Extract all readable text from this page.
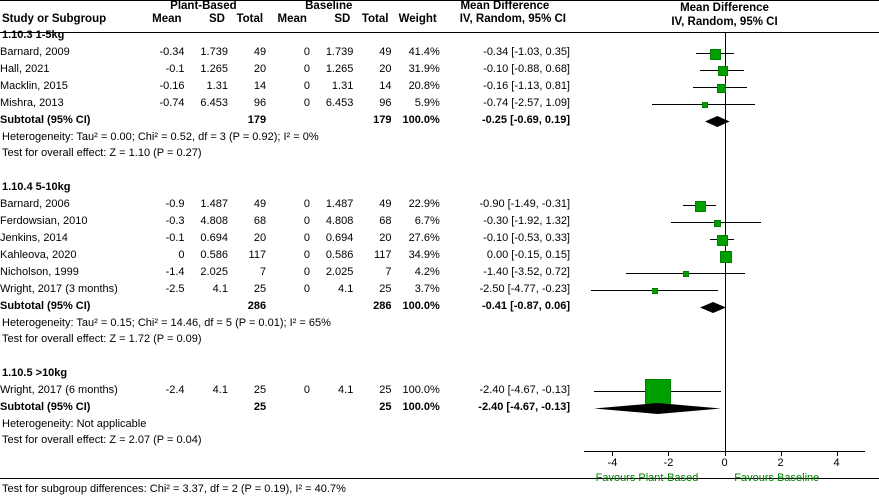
	Plant-Based			Baseline				Mean Difference
Study or Subgroup	Mean	SD	Total	Mean	SD	Total	Weight	IV, Random, 95% CI
1.10.3 1-5kg								
Barnard, 2009	-0.34	1.739	49	0	1.739	49	41.4%	-0.34 [-1.03, 0.35]
Hall, 2021	-0.1	1.265	20	0	1.265	20	31.9%	-0.10 [-0.88, 0.68]
Macklin, 2015	-0.16	1.31	14	0	1.31	14	20.8%	-0.16 [-1.13, 0.81]
Mishra, 2013	-0.74	6.453	96	0	6.453	96	5.9%	-0.74 [-2.57, 1.09]
Subtotal (95% CI)			179			179	100.0%	-0.25 [-0.69, 0.19]
Heterogeneity: Tau² = 0.00; Chi² = 0.52, df = 3 (P = 0.92); I² = 0%								
Test for overall effect: Z = 1.10 (P = 0.27)								

1.10.4 5-10kg								
Barnard, 2006	-0.9	1.487	49	0	1.487	49	22.9%	-0.90 [-1.49, -0.31]
Ferdowsian, 2010	-0.3	4.808	68	0	4.808	68	6.7%	-0.30 [-1.92, 1.32]
Jenkins, 2014	-0.1	0.694	20	0	0.694	20	27.6%	-0.10 [-0.53, 0.33]
Kahleova, 2020	0	0.586	117	0	0.586	117	34.9%	0.00 [-0.15, 0.15]
Nicholson, 1999	-1.4	2.025	7	0	2.025	7	4.2%	-1.40 [-3.52, 0.72]
Wright, 2017 (3 months)	-2.5	4.1	25	0	4.1	25	3.7%	-2.50 [-4.77, -0.23]
Subtotal (95% CI)			286			286	100.0%	-0.41 [-0.87, 0.06]
Heterogeneity: Tau² = 0.15; Chi² = 14.46, df = 5 (P = 0.01); I² = 65%								
Test for overall effect: Z = 1.72 (P = 0.09)								

1.10.5 >10kg								
Wright, 2017 (6 months)	-2.4	4.1	25	0	4.1	25	100.0%	-2.40 [-4.67, -0.13]
Subtotal (95% CI)			25			25	100.0%	-2.40 [-4.67, -0.13]
Heterogeneity: Not applicable								
Test for overall effect: Z = 2.07 (P = 0.04)								
Mean Difference
IV, Random, 95% CI
-4	-2	0	2	4
Favours Plant-Based	Favours Baseline
Test for subgroup differences: Chi² = 3.37, df = 2 (P = 0.19), I² = 40.7%
